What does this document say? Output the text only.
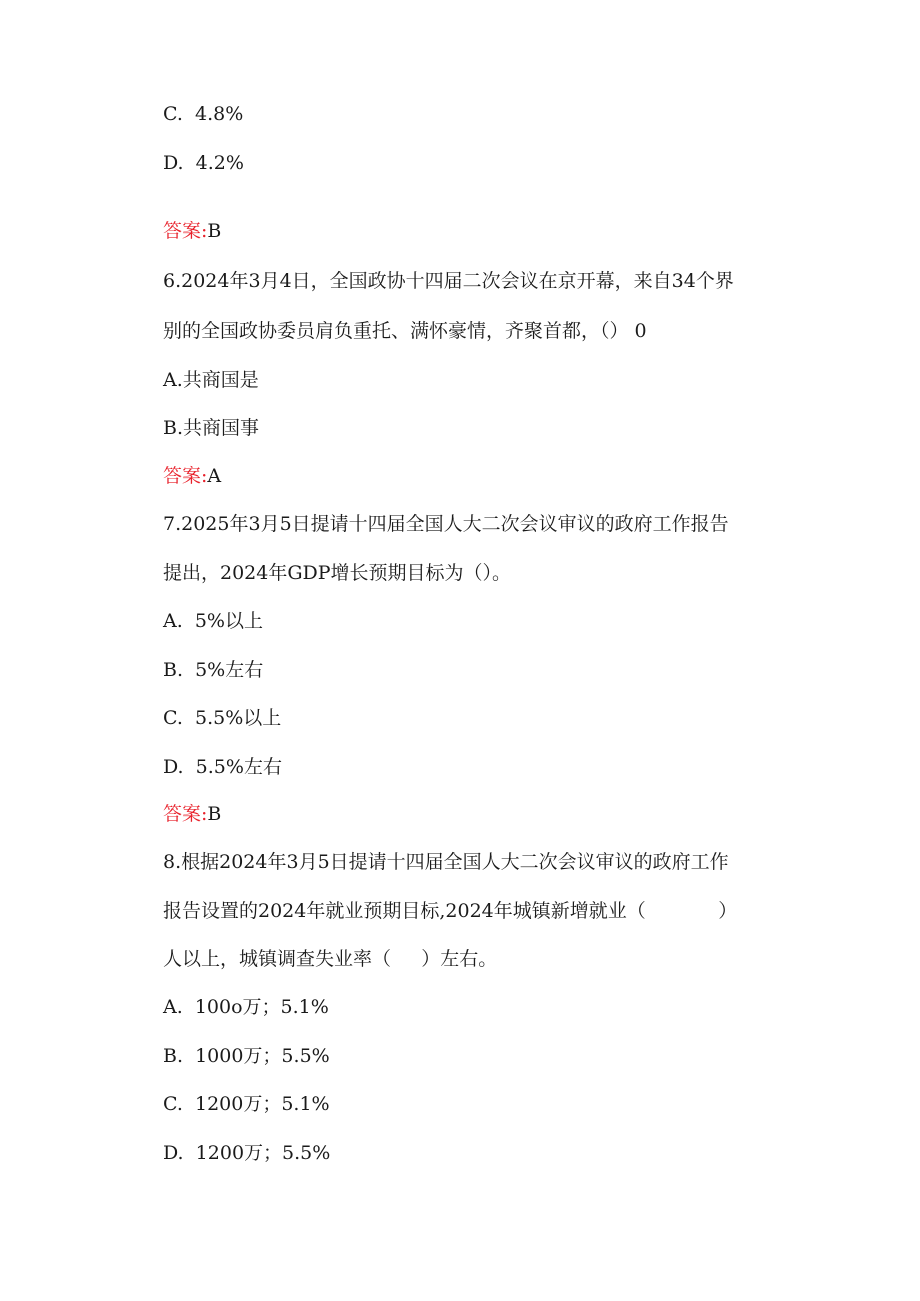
C.  4.8%
D.  4.2%
答案:B
6.2024年3月4日，全国政协十四届二次会议在京开幕，来自34个界
别的全国政协委员肩负重托、满怀豪情，齐聚首都，（） 0
A.共商国是
B.共商国事
答案:A
7.2025年3月5日提请十四届全国人大二次会议审议的政府工作报告
提出，2024年GDP增长预期目标为（）。
A.  5%以上
B.  5%左右
C.  5.5%以上
D.  5.5%左右
答案:B
8.根据2024年3月5日提请十四届全国人大二次会议审议的政府工作
报告设置的2024年就业预期目标,2024年城镇新增就业（            ）
人以上，城镇调查失业率（     ）左右。
A.  100o万；5.1%
B.  1000万；5.5%
C.  1200万；5.1%
D.  1200万；5.5%
